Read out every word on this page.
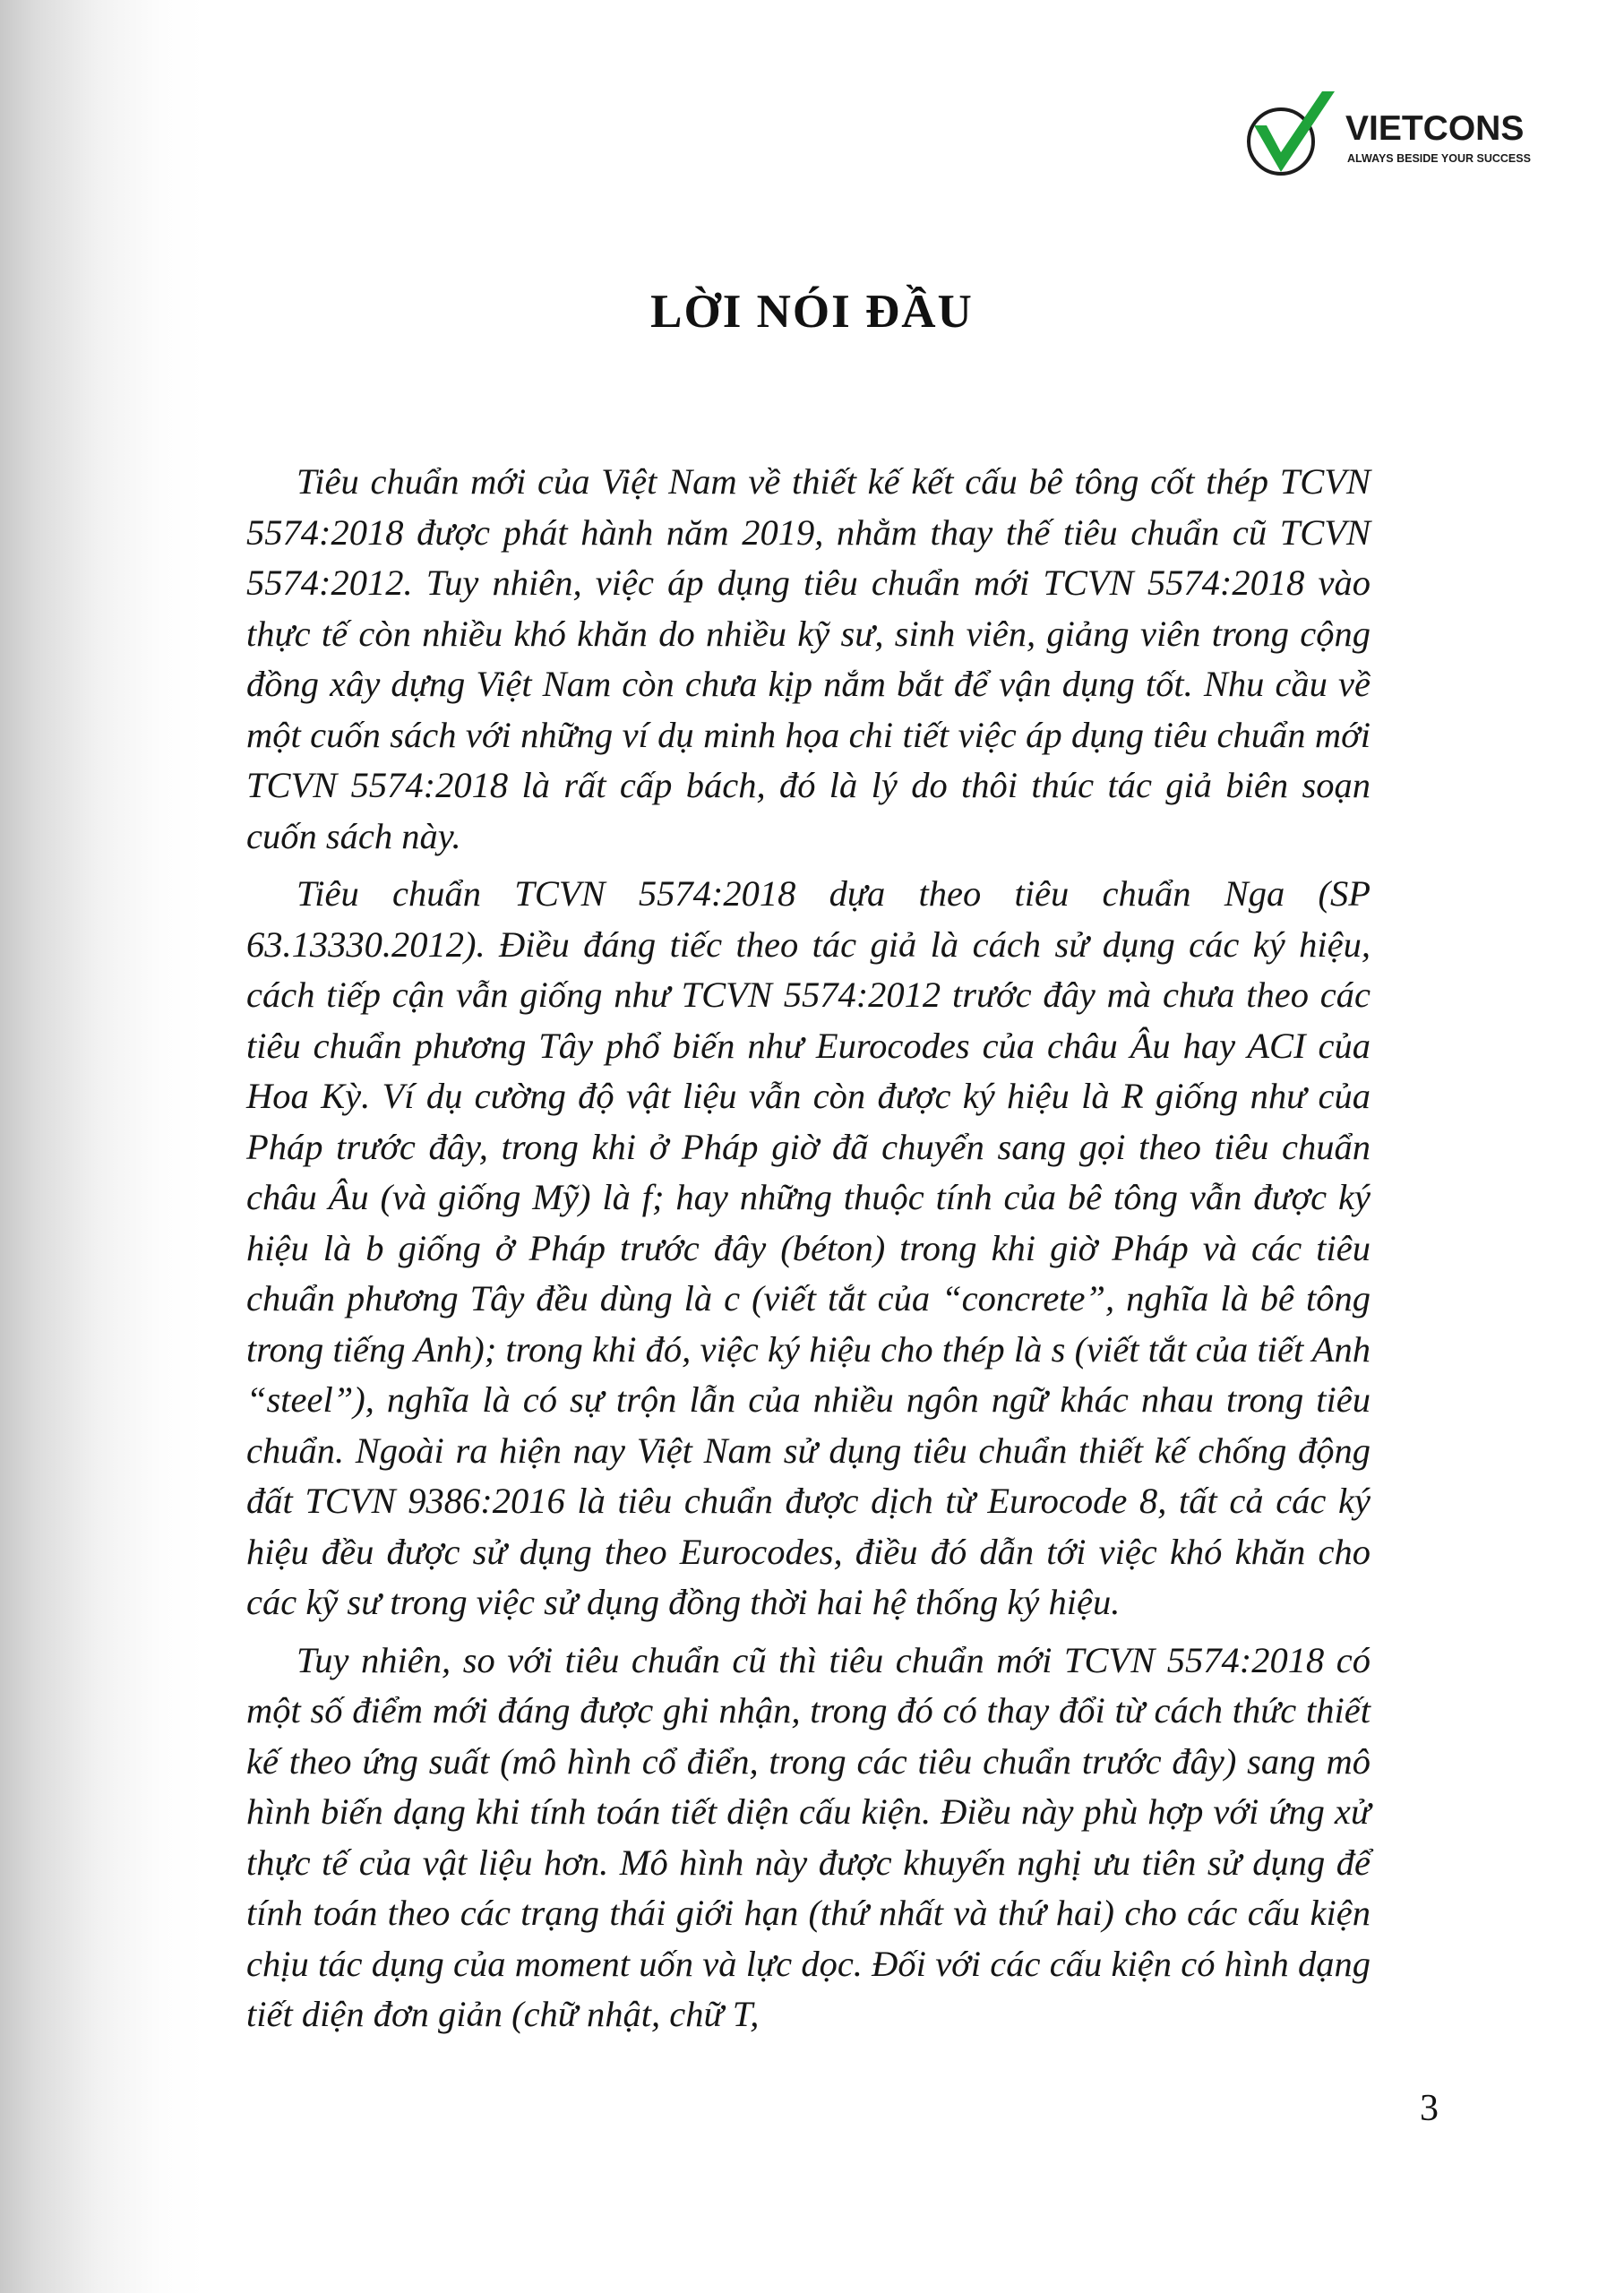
VIETCONS
ALWAYS BESIDE YOUR SUCCESS
LỜI NÓI ĐẦU

Tiêu chuẩn mới của Việt Nam về thiết kế kết cấu bê tông cốt thép TCVN 5574:2018 được phát hành năm 2019, nhằm thay thế tiêu chuẩn cũ TCVN 5574:2012. Tuy nhiên, việc áp dụng tiêu chuẩn mới TCVN 5574:2018 vào thực tế còn nhiều khó khăn do nhiều kỹ sư, sinh viên, giảng viên trong cộng đồng xây dựng Việt Nam còn chưa kịp nắm bắt để vận dụng tốt. Nhu cầu về một cuốn sách với những ví dụ minh họa chi tiết việc áp dụng tiêu chuẩn mới TCVN 5574:2018 là rất cấp bách, đó là lý do thôi thúc tác giả biên soạn cuốn sách này.

Tiêu chuẩn TCVN 5574:2018 dựa theo tiêu chuẩn Nga (SP 63.13330.2012). Điều đáng tiếc theo tác giả là cách sử dụng các ký hiệu, cách tiếp cận vẫn giống như TCVN 5574:2012 trước đây mà chưa theo các tiêu chuẩn phương Tây phổ biến như Eurocodes của châu Âu hay ACI của Hoa Kỳ. Ví dụ cường độ vật liệu vẫn còn được ký hiệu là R giống như của Pháp trước đây, trong khi ở Pháp giờ đã chuyển sang gọi theo tiêu chuẩn châu Âu (và giống Mỹ) là f; hay những thuộc tính của bê tông vẫn được ký hiệu là b giống ở Pháp trước đây (béton) trong khi giờ Pháp và các tiêu chuẩn phương Tây đều dùng là c (viết tắt của “concrete”, nghĩa là bê tông trong tiếng Anh); trong khi đó, việc ký hiệu cho thép là s (viết tắt của tiết Anh “steel”), nghĩa là có sự trộn lẫn của nhiều ngôn ngữ khác nhau trong tiêu chuẩn. Ngoài ra hiện nay Việt Nam sử dụng tiêu chuẩn thiết kế chống động đất TCVN 9386:2016 là tiêu chuẩn được dịch từ Eurocode 8, tất cả các ký hiệu đều được sử dụng theo Eurocodes, điều đó dẫn tới việc khó khăn cho các kỹ sư trong việc sử dụng đồng thời hai hệ thống ký hiệu.

Tuy nhiên, so với tiêu chuẩn cũ thì tiêu chuẩn mới TCVN 5574:2018 có một số điểm mới đáng được ghi nhận, trong đó có thay đổi từ cách thức thiết kế theo ứng suất (mô hình cổ điển, trong các tiêu chuẩn trước đây) sang mô hình biến dạng khi tính toán tiết diện cấu kiện. Điều này phù hợp với ứng xử thực tế của vật liệu hơn. Mô hình này được khuyến nghị ưu tiên sử dụng để tính toán theo các trạng thái giới hạn (thứ nhất và thứ hai) cho các cấu kiện chịu tác dụng của moment uốn và lực dọc. Đối với các cấu kiện có hình dạng tiết diện đơn giản (chữ nhật, chữ T,

3
